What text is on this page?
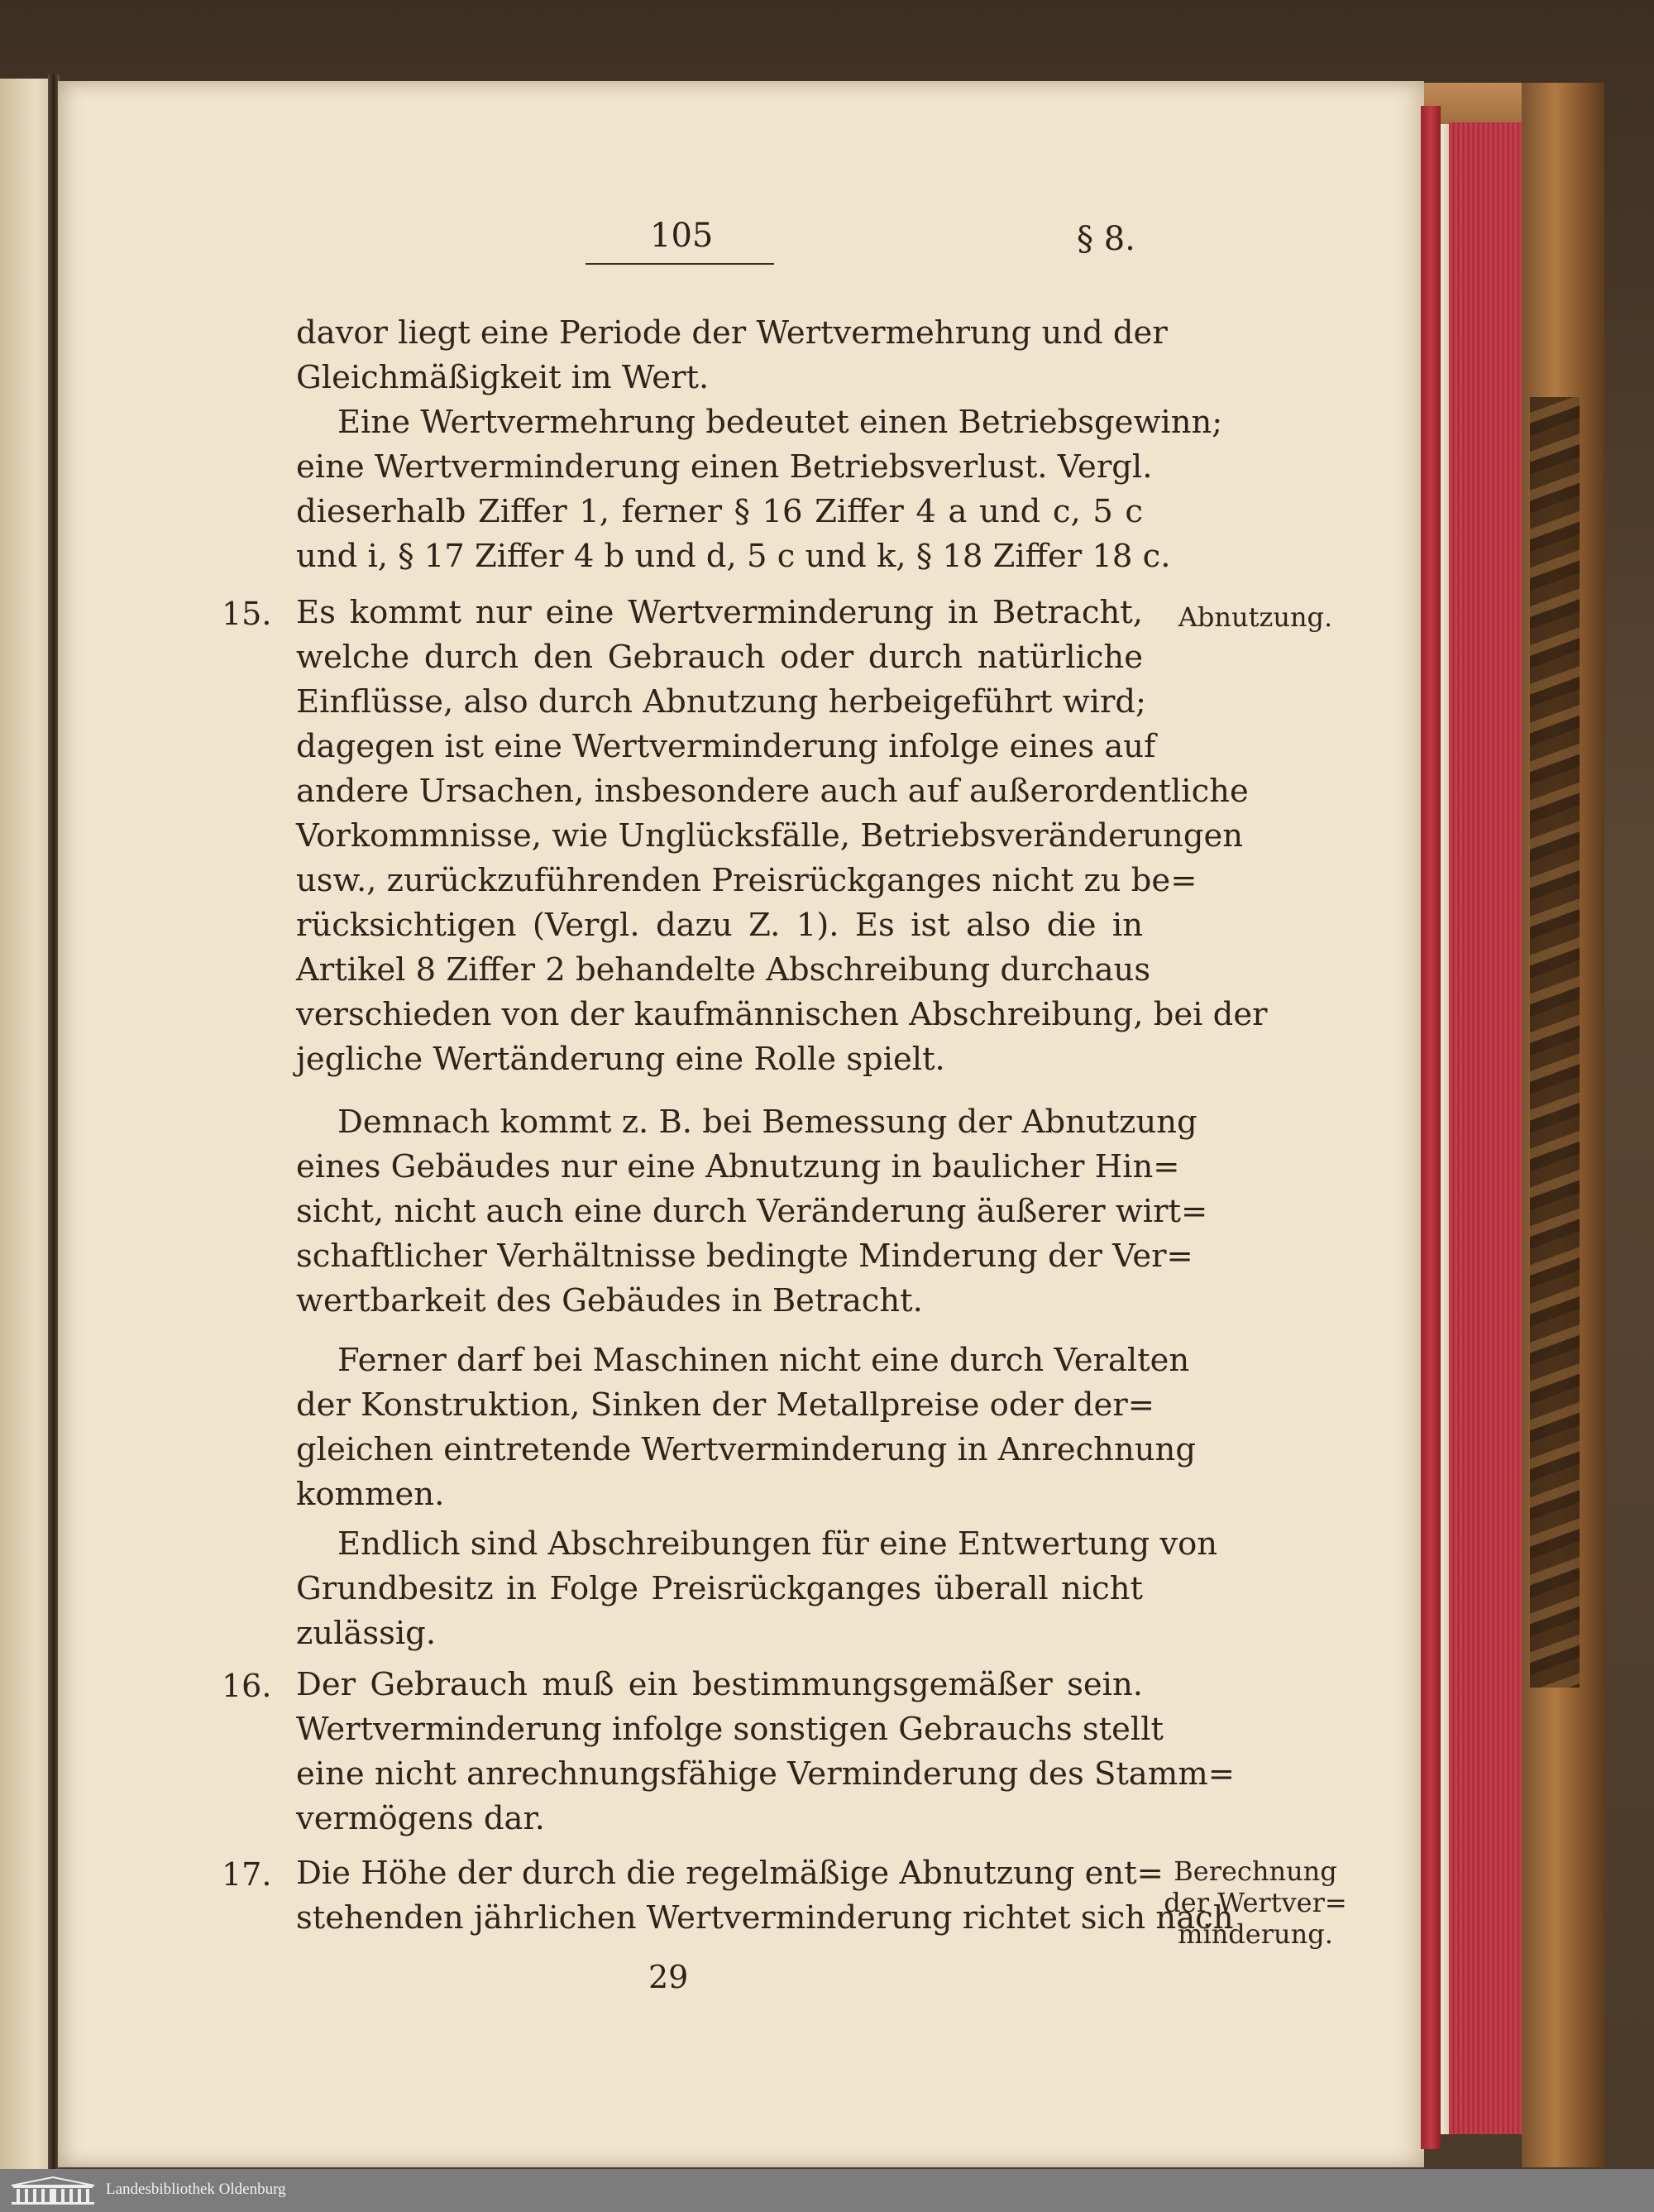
105	§ 8.
davor liegt eine Periode der Wertvermehrung und der
Gleichmäßigkeit im Wert.
Eine Wertvermehrung bedeutet einen Betriebsgewinn;
eine Wertverminderung einen Betriebsverlust. Vergl.
dieserhalb Ziffer 1, ferner § 16 Ziffer 4 a und c, 5 c
und i, § 17 Ziffer 4 b und d, 5 c und k, § 18 Ziffer 18 c.
15. Es kommt nur eine Wertverminderung in Betracht,
welche durch den Gebrauch oder durch natürliche
Einflüsse, also durch Abnutzung herbeigeführt wird;
dagegen ist eine Wertverminderung infolge eines auf
andere Ursachen, insbesondere auch auf außerordentliche
Vorkommnisse, wie Unglücksfälle, Betriebsveränderungen
usw., zurückzuführenden Preisrückganges nicht zu be=
rücksichtigen (Vergl. dazu Z. 1). Es ist also die in
Artikel 8 Ziffer 2 behandelte Abschreibung durchaus
verschieden von der kaufmännischen Abschreibung, bei der
jegliche Wertänderung eine Rolle spielt.
Demnach kommt z. B. bei Bemessung der Abnutzung
eines Gebäudes nur eine Abnutzung in baulicher Hin=
sicht, nicht auch eine durch Veränderung äußerer wirt=
schaftlicher Verhältnisse bedingte Minderung der Ver=
wertbarkeit des Gebäudes in Betracht.
Ferner darf bei Maschinen nicht eine durch Veralten
der Konstruktion, Sinken der Metallpreise oder der=
gleichen eintretende Wertverminderung in Anrechnung
kommen.
Endlich sind Abschreibungen für eine Entwertung von
Grundbesitz in Folge Preisrückganges überall nicht
zulässig.
16. Der Gebrauch muß ein bestimmungsgemäßer sein.
Wertverminderung infolge sonstigen Gebrauchs stellt
eine nicht anrechnungsfähige Verminderung des Stamm=
vermögens dar.
17. Die Höhe der durch die regelmäßige Abnutzung ent=
stehenden jährlichen Wertverminderung richtet sich nach
Abnutzung.
Berechnung
der Wertver=
minderung.
29
Landesbibliothek Oldenburg
